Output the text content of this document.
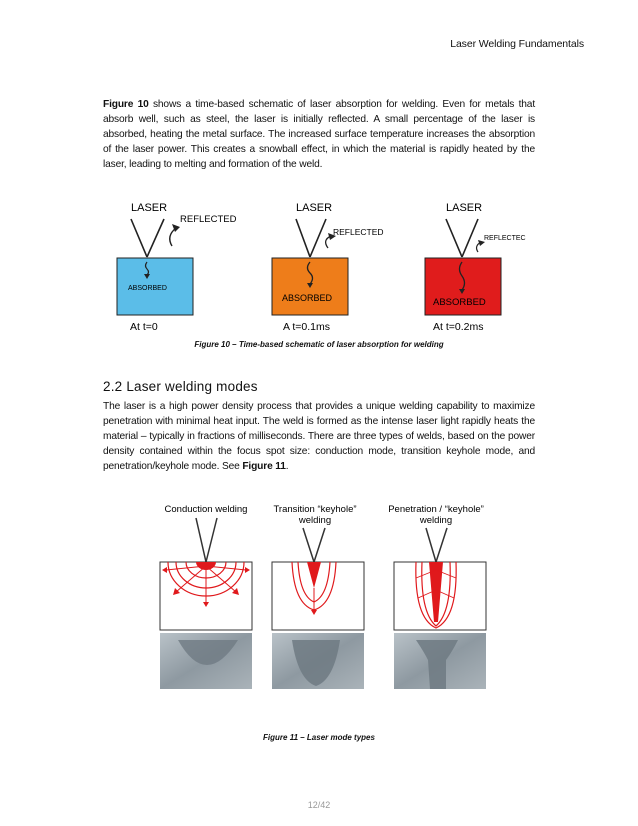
Laser Welding Fundamentals
Figure 10 shows a time-based schematic of laser absorption for welding. Even for metals that absorb well, such as steel, the laser is initially reflected. A small percentage of the laser is absorbed, heating the metal surface. The increased surface temperature increases the absorption of the laser power. This creates a snowball effect, in which the material is rapidly heated by the laser, leading to melting and formation of the weld.
LASER
REFLECTED
ABSORBED
At t=0
LASER
REFLECTED
ABSORBED
A t=0.1ms
LASER
REFLECTEC
ABSORBED
At t=0.2ms
Figure 10 – Time-based schematic of laser absorption for welding
2.2 Laser welding modes
The laser is a high power density process that provides a unique welding capability to maximize penetration with minimal heat input. The weld is formed as the intense laser light rapidly heats the material – typically in fractions of milliseconds. There are three types of welds, based on the power density contained within the focus spot size: conduction mode, transition keyhole mode, and penetration/keyhole mode. See Figure 11.
Conduction welding	Transition “keyhole”
welding
Penetration / “keyhole”
welding
Figure 11 – Laser mode types
12/42
